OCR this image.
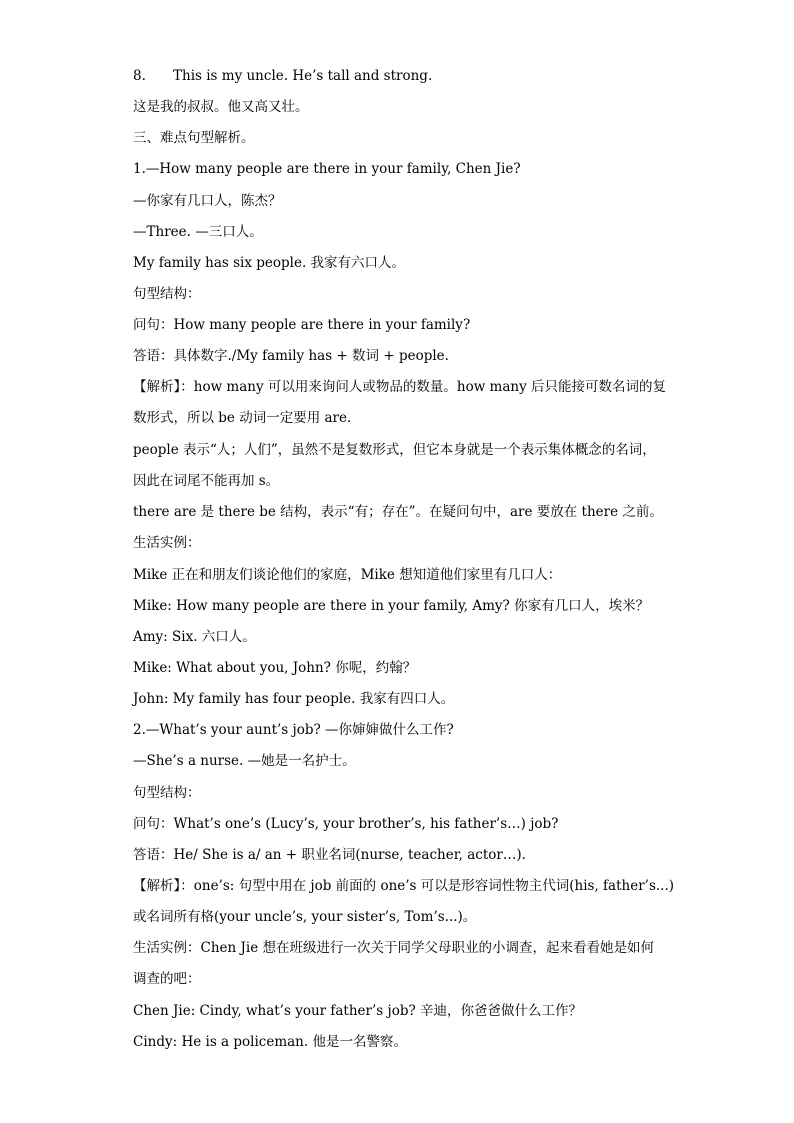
8. This is my uncle. He’s tall and strong.
这是我的叔叔。他又高又壮。
三、难点句型解析。
1.—How many people are there in your family, Chen Jie?
—你家有几口人，陈杰？
—Three. —三口人。
My family has six people. 我家有六口人。
句型结构：
问句：How many people are there in your family?
答语：具体数字./My family has + 数词 + people.
【解析】：how many 可以用来询问人或物品的数量。how many 后只能接可数名词的复
数形式，所以 be 动词一定要用 are.
people 表示“人；人们”，虽然不是复数形式，但它本身就是一个表示集体概念的名词，
因此在词尾不能再加 s。
there are 是 there be 结构，表示“有；存在”。在疑问句中，are 要放在 there 之前。
生活实例：
Mike 正在和朋友们谈论他们的家庭，Mike 想知道他们家里有几口人：
Mike: How many people are there in your family, Amy? 你家有几口人，埃米？
Amy: Six. 六口人。
Mike: What about you, John? 你呢，约翰？
John: My family has four people. 我家有四口人。
2.—What’s your aunt’s job? —你婶婶做什么工作?
—She’s a nurse. —她是一名护士。
句型结构：
问句：What’s one’s (Lucy’s, your brother’s, his father’s…) job?
答语：He/ She is a/ an + 职业名词(nurse, teacher, actor…).
【解析】：one’s: 句型中用在 job 前面的 one’s 可以是形容词性物主代词(his, father’s...)
或名词所有格(your uncle’s, your sister’s, Tom’s...)。
生活实例：Chen Jie 想在班级进行一次关于同学父母职业的小调查，起来看看她是如何
调查的吧：
Chen Jie: Cindy, what’s your father’s job? 辛迪，你爸爸做什么工作？
Cindy: He is a policeman. 他是一名警察。
